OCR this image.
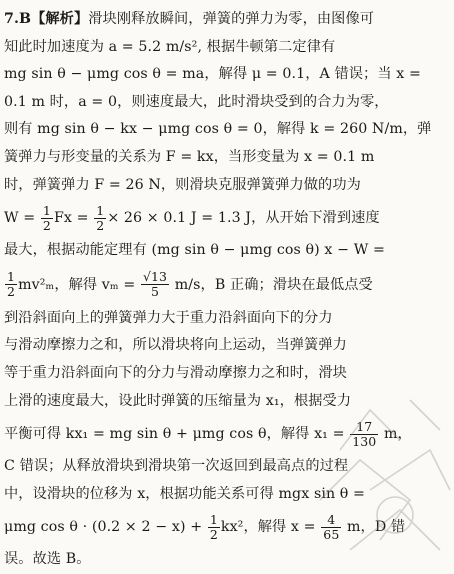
7.B【解析】滑块刚释放瞬间，弹簧的弹力为零，由图像可
知此时加速度为 a = 5.2 m/s², 根据牛顿第二定律有
mg sin θ − μmg cos θ = ma，解得 μ = 0.1，A 错误；当 x =
0.1 m 时，a = 0，则速度最大，此时滑块受到的合力为零，
则有 mg sin θ − kx − μmg cos θ = 0，解得 k = 260 N/m，弹
簧弹力与形变量的关系为 F = kx，当形变量为 x = 0.1 m
时，弹簧弹力 F = 26 N，则滑块克服弹簧弹力做的功为
$W = \frac{1}{2}$ $Fx = \frac{1}{2} \times 26 \times 0.1$ J = 1.3 J，从开始下滑到速度
最大，根据动能定理有 (mg sin θ − μmg cos θ) x − W =
$\frac{1}{2} mv^2_m$，解得 $v_m = \frac{√13}{5} m/s$，B 正确；滑块在最低点受
到沿斜面向上的弹簧弹力大于重力沿斜面向下的分力
与滑动摩擦力之和，所以滑块将向上运动，当弹簧弹力
等于重力沿斜面向下的分力与滑动摩擦力之和时，滑块
上滑的速度最大，设此时弹簧的压缩量为 x₁，根据受力
平衡可得 kx₁ = mg sin θ + μmg cos θ，解得 $x_1 = \frac{17}{130}$ m，
C 错误；从释放滑块到滑块第一次返回到最高点的过程
中，设滑块的位移为 x，根据功能关系可得 mgx sin θ =
μmg $\cos \theta \cdot (0.2 \times 2 - x) + \frac{1}{2} kx^2$，解得 $x = \frac{4}{65}$ m，D 错
误。故选 B。
